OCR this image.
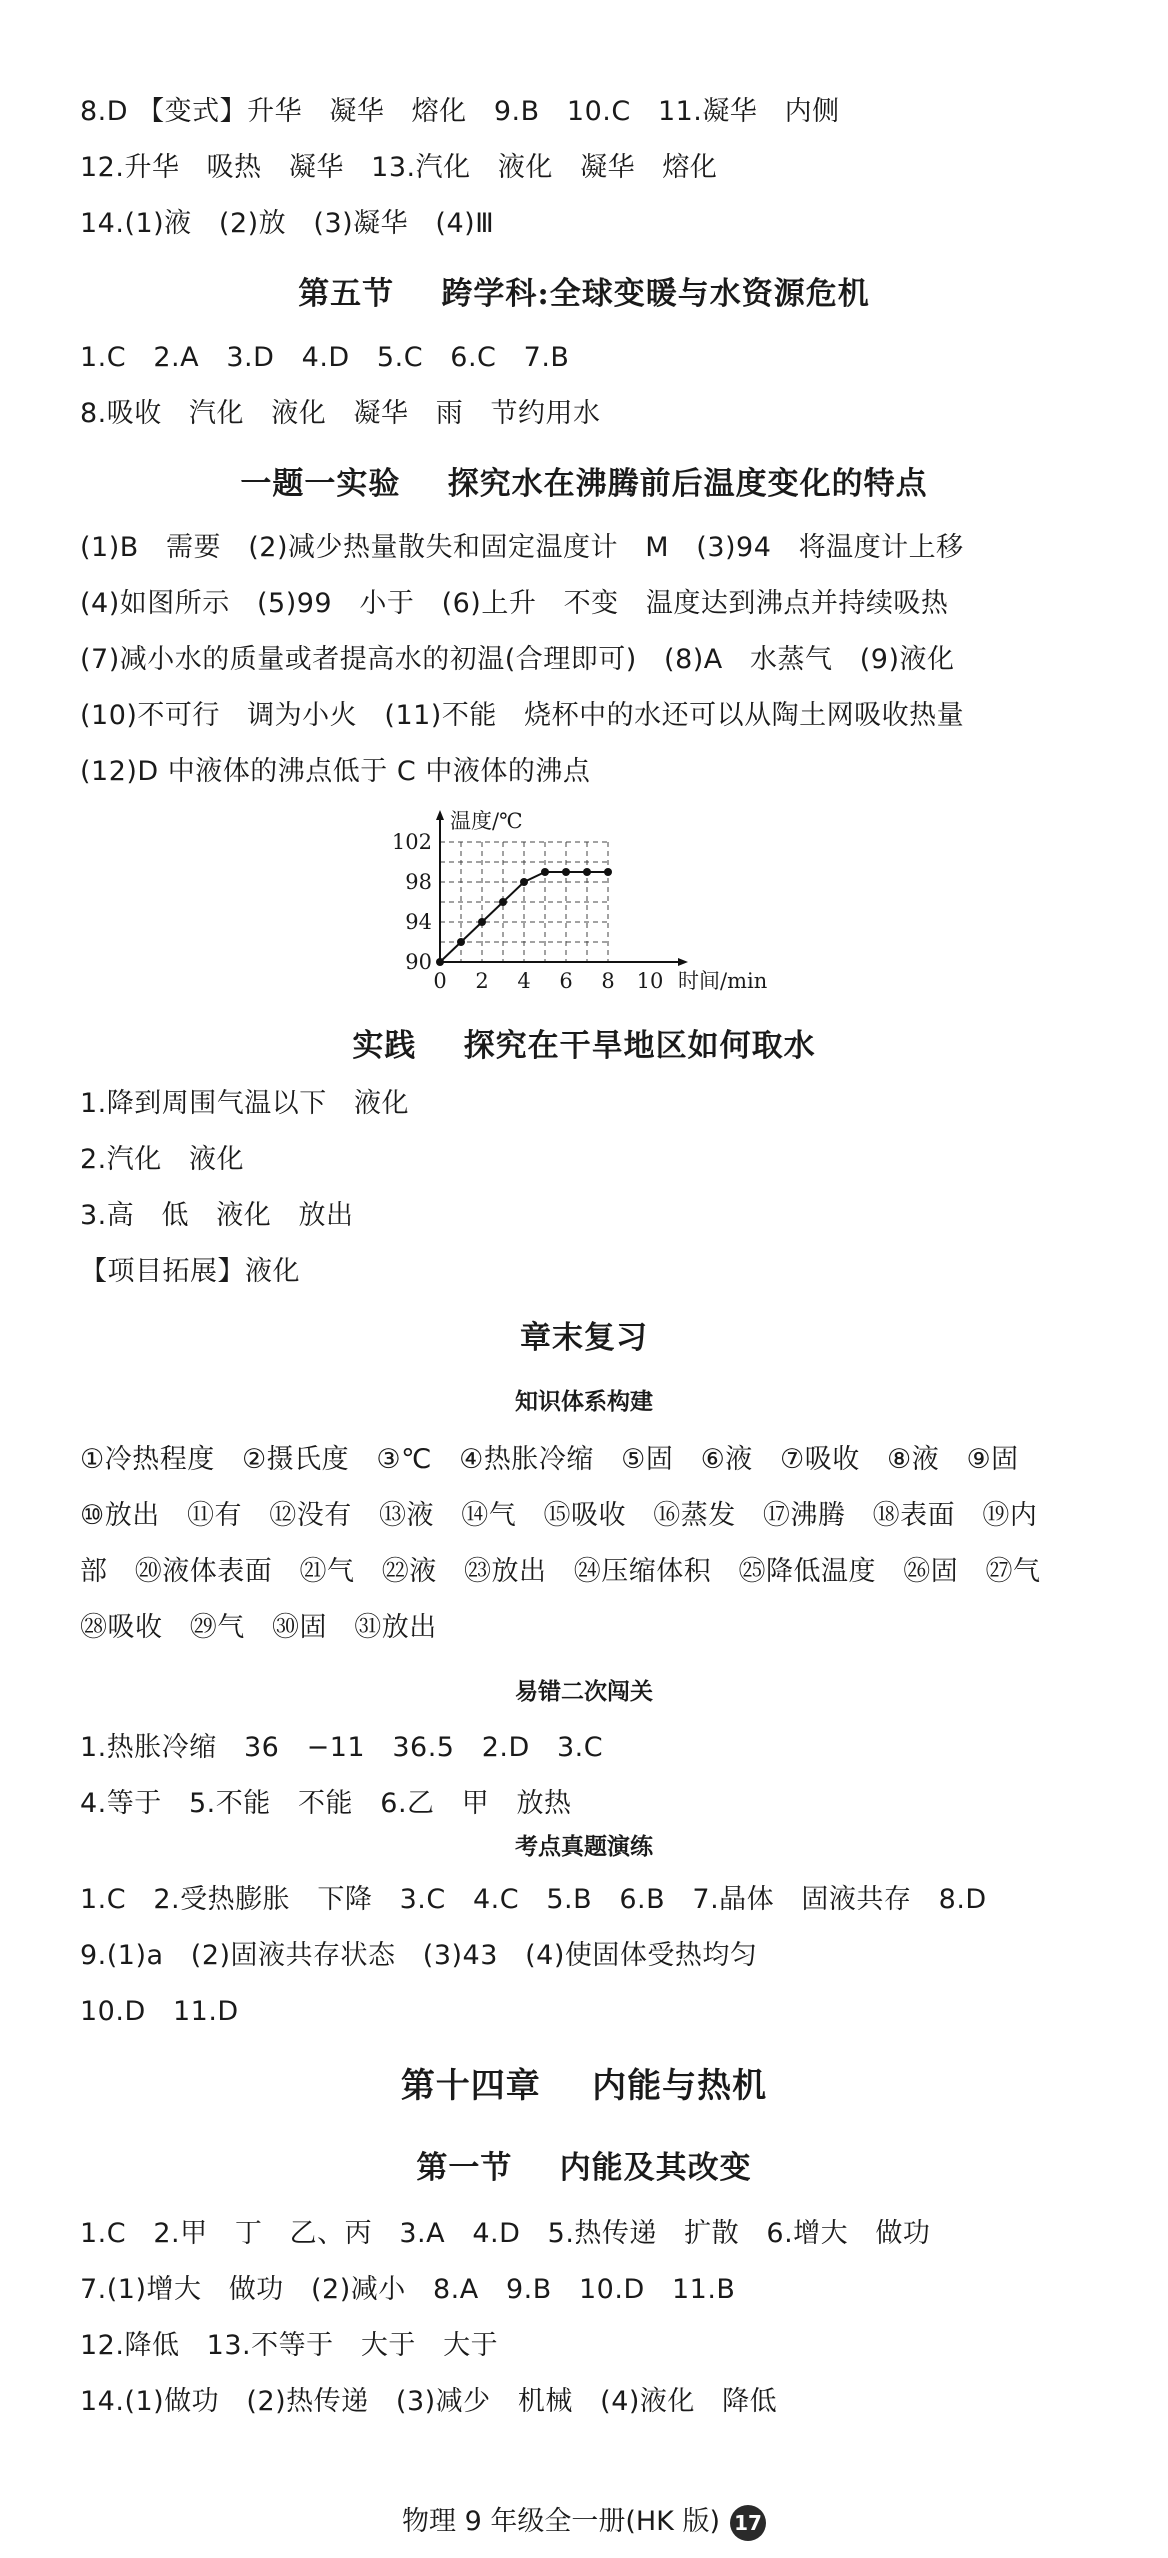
8.D 【变式】升华   凝华   熔化   9.B   10.C   11.凝华   内侧
12.升华   吸热   凝华   13.汽化   液化   凝华   熔化
14.(1)液   (2)放   (3)凝华   (4)Ⅲ
第五节    跨学科:全球变暖与水资源危机
1.C   2.A   3.D   4.D   5.C   6.C   7.B
8.吸收   汽化   液化   凝华   雨   节约用水
一题一实验    探究水在沸腾前后温度变化的特点
(1)B   需要   (2)减少热量散失和固定温度计   M   (3)94   将温度计上移
(4)如图所示   (5)99   小于   (6)上升   不变   温度达到沸点并持续吸热
(7)减小水的质量或者提高水的初温(合理即可)   (8)A   水蒸气   (9)液化
(10)不可行   调为小火   (11)不能   烧杯中的水还可以从陶土网吸收热量
(12)D 中液体的沸点低于 C 中液体的沸点
0 2 4 6 8 10
90
94
98
102
温度/℃
时间/min
实践    探究在干旱地区如何取水
1.降到周围气温以下   液化
2.汽化   液化
3.高   低   液化   放出
【项目拓展】液化
章末复习
知识体系构建
①冷热程度   ②摄氏度   ③℃   ④热胀冷缩   ⑤固   ⑥液   ⑦吸收   ⑧液   ⑨固
⑩放出   ⑪有   ⑫没有   ⑬液   ⑭气   ⑮吸收   ⑯蒸发   ⑰沸腾   ⑱表面   ⑲内
部   ⑳液体表面   ㉑气   ㉒液   ㉓放出   ㉔压缩体积   ㉕降低温度   ㉖固   ㉗气
㉘吸收   ㉙气   ㉚固   ㉛放出
易错二次闯关
1.热胀冷缩   36   −11   36.5   2.D   3.C
4.等于   5.不能   不能   6.乙   甲   放热
考点真题演练
1.C   2.受热膨胀   下降   3.C   4.C   5.B   6.B   7.晶体   固液共存   8.D
9.(1)a   (2)固液共存状态   (3)43   (4)使固体受热均匀
10.D   11.D
第十四章    内能与热机
第一节    内能及其改变
1.C   2.甲   丁   乙、丙   3.A   4.D   5.热传递   扩散   6.增大   做功
7.(1)增大   做功   (2)减小   8.A   9.B   10.D   11.B
12.降低   13.不等于   大于   大于
14.(1)做功   (2)热传递   (3)减少   机械   (4)液化   降低
物理 9 年级全一册(HK 版) 17
